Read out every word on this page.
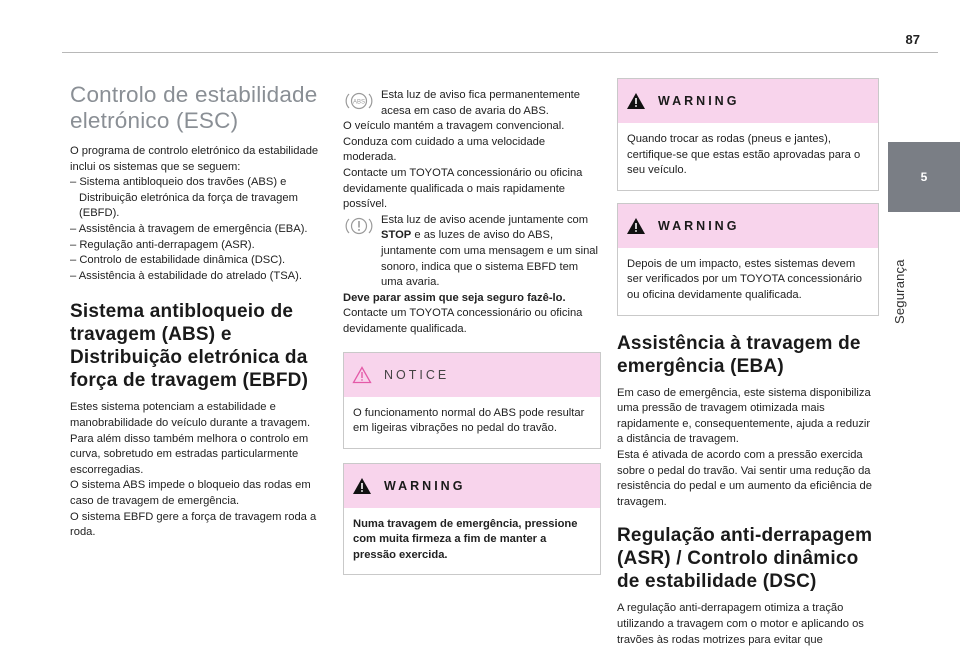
87
5
Segurança
Controlo de estabilidade eletrónico (ESC)
O programa de controlo eletrónico da estabilidade inclui os sistemas que se seguem:
– Sistema antibloqueio dos travões (ABS) e Distribuição eletrónica da força de travagem (EBFD).
– Assistência à travagem de emergência (EBA).
– Regulação anti-derrapagem (ASR).
– Controlo de estabilidade dinâmica (DSC).
– Assistência à estabilidade do atrelado (TSA).
Sistema antibloqueio de travagem (ABS) e Distribuição eletrónica da força de travagem (EBFD)
Estes sistema potenciam a estabilidade e manobrabilidade do veículo durante a travagem.
Para além disso também melhora o controlo em curva, sobretudo em estradas particularmente escorregadias.
O sistema ABS impede o bloqueio das rodas em caso de travagem de emergência.
O sistema EBFD gere a força de travagem roda a roda.
ABS
Esta luz de aviso fica permanentemente acesa em caso de avaria do ABS.
O veículo mantém a travagem convencional.
Conduza com cuidado a uma velocidade moderada.
Contacte um TOYOTA concessionário ou oficina devidamente qualificada o mais rapidamente possível.
Esta luz de aviso acende juntamente com STOP e as luzes de aviso do ABS, juntamente com uma mensagem e um sinal sonoro, indica que o sistema EBFD tem uma avaria.
Deve parar assim que seja seguro fazê-lo.
Contacte um TOYOTA concessionário ou oficina devidamente qualificada.
NOTICE
O funcionamento normal do ABS pode resultar em ligeiras vibrações no pedal do travão.
WARNING
Numa travagem de emergência, pressione com muita firmeza a fim de manter a pressão exercida.
WARNING
Quando trocar as rodas (pneus e jantes), certifique-se que estas estão aprovadas para o seu veículo.
WARNING
Depois de um impacto, estes sistemas devem ser verificados por um TOYOTA concessionário ou oficina devidamente qualificada.
Assistência à travagem de emergência (EBA)
Em caso de emergência, este sistema disponibiliza uma pressão de travagem otimizada mais rapidamente e, consequentemente, ajuda a reduzir a distância de travagem.
Esta é ativada de acordo com a pressão exercida sobre o pedal do travão. Vai sentir uma redução da resistência do pedal e um aumento da eficiência de travagem.
Regulação anti-derrapagem (ASR) / Controlo dinâmico de estabilidade (DSC)
A regulação anti-derrapagem otimiza a tração utilizando a travagem com o motor e aplicando os travões às rodas motrizes para evitar que
